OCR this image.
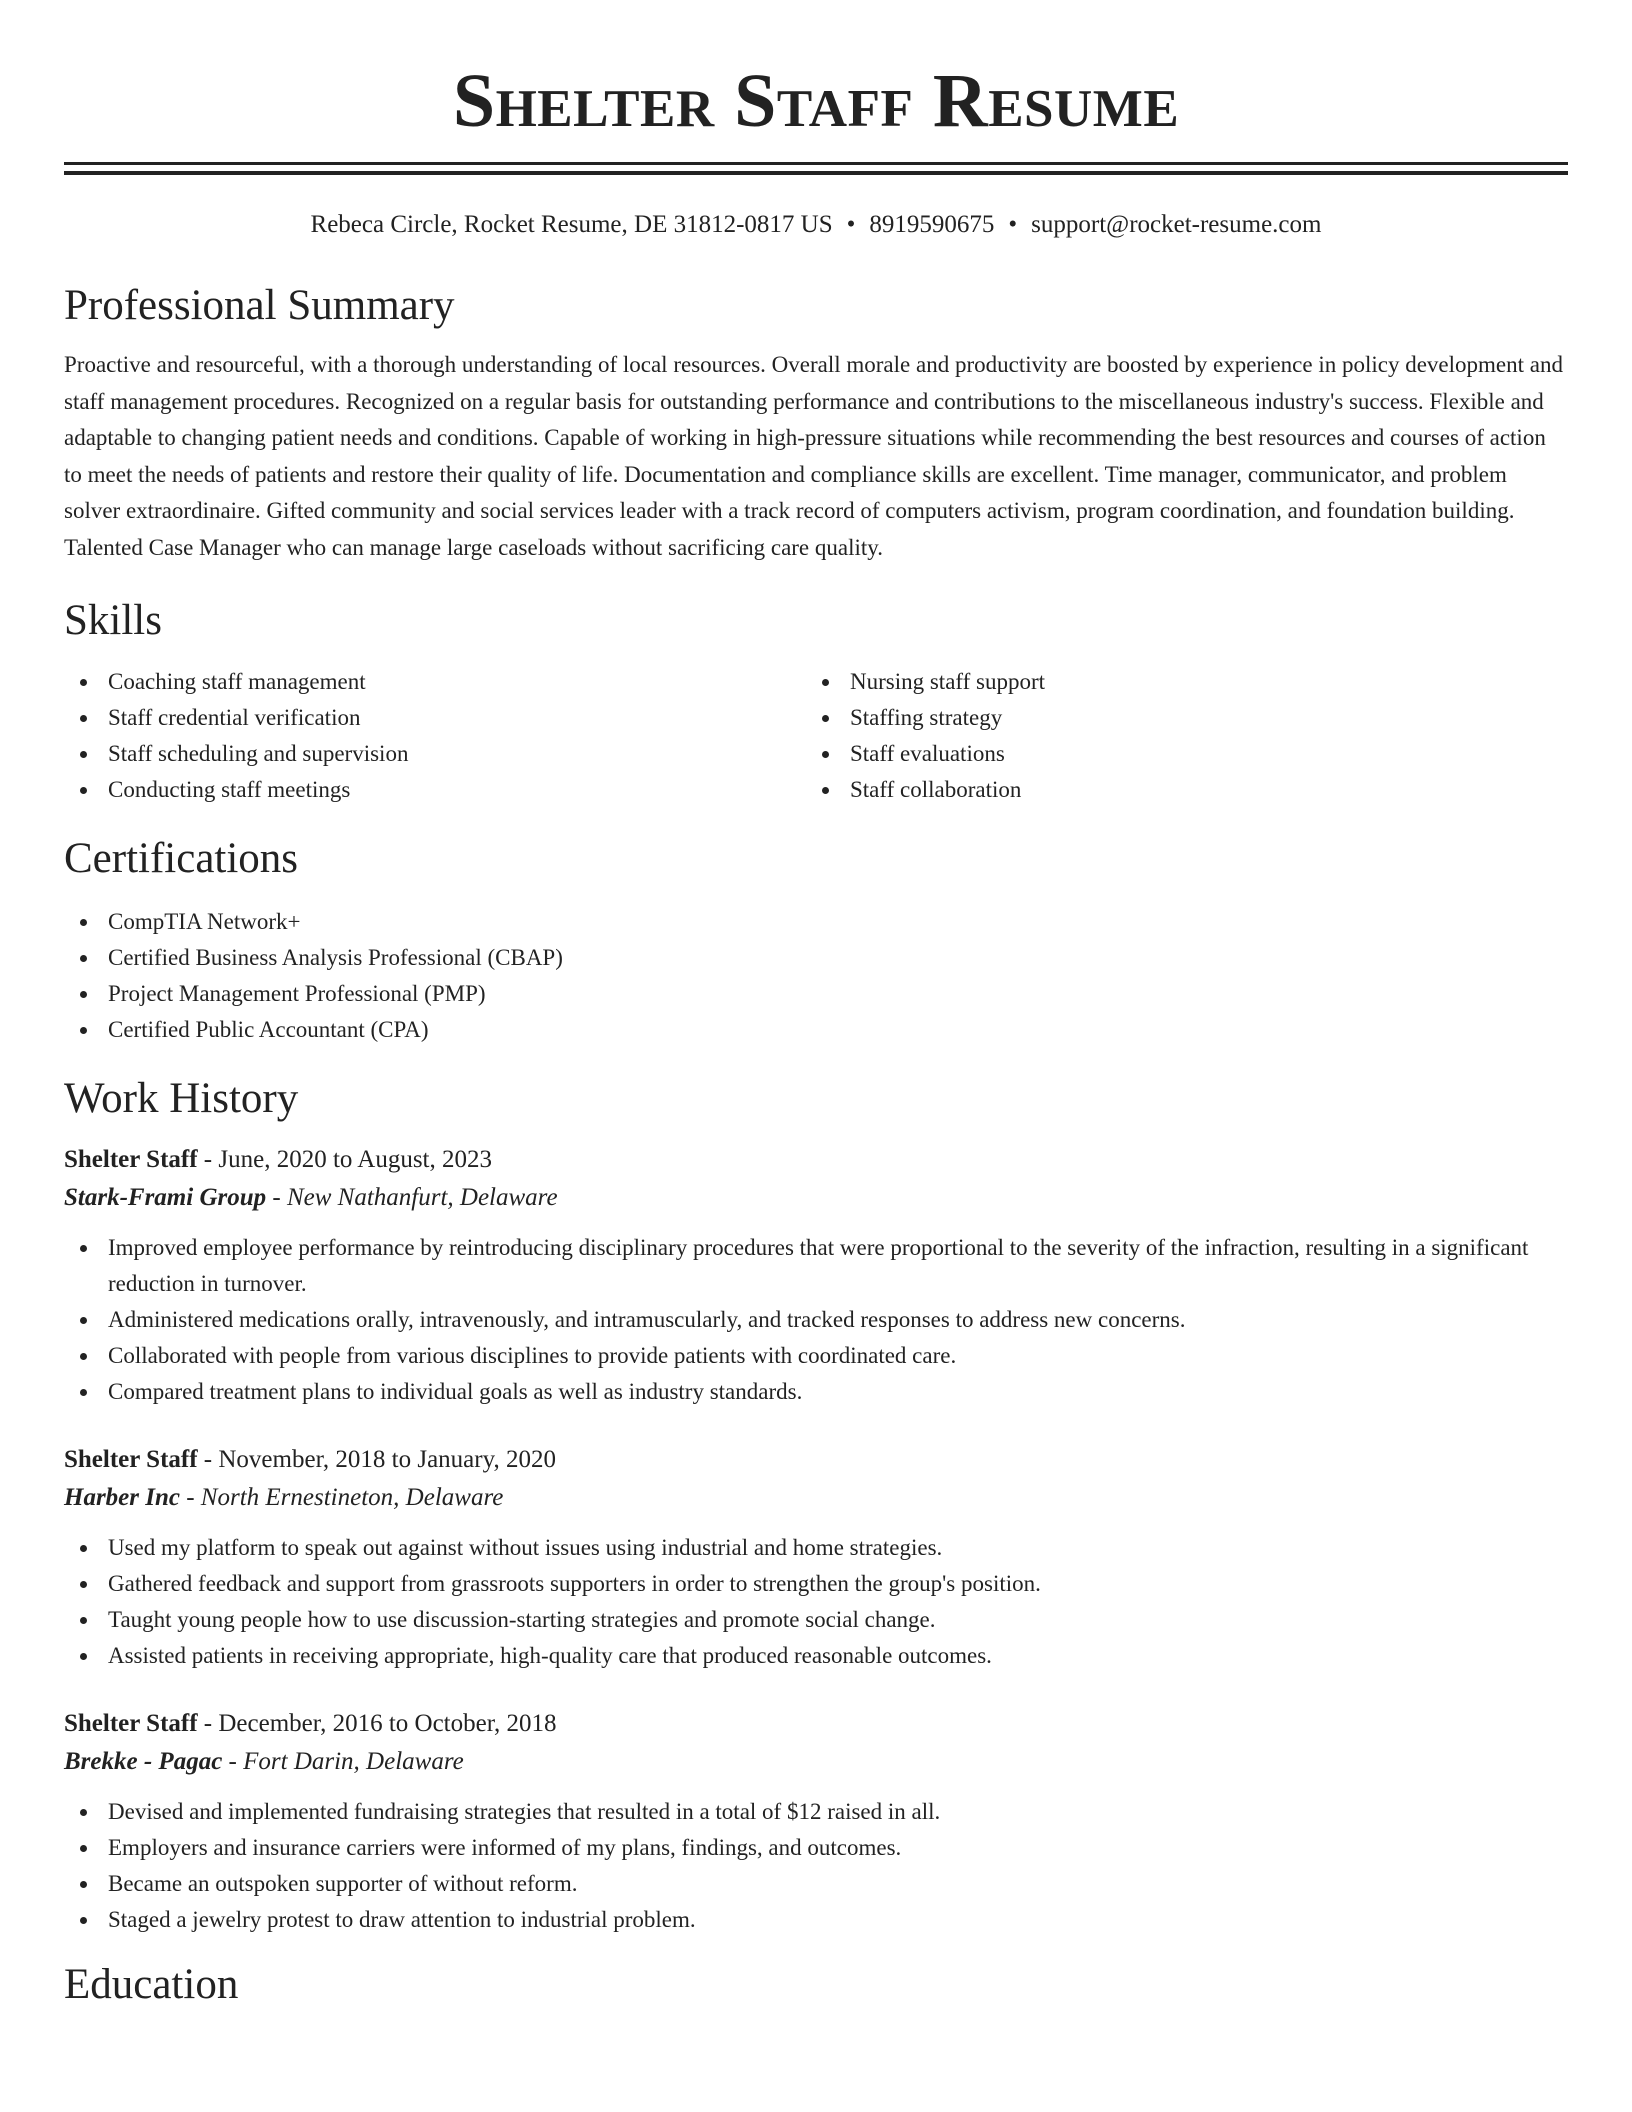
Shelter Staff Resume
Rebeca Circle, Rocket Resume, DE 31812-0817 US • 8919590675 • support@rocket-resume.com
Professional Summary
Proactive and resourceful, with a thorough understanding of local resources. Overall morale and productivity are boosted by experience in policy development and staff management procedures. Recognized on a regular basis for outstanding performance and contributions to the miscellaneous industry's success. Flexible and adaptable to changing patient needs and conditions. Capable of working in high-pressure situations while recommending the best resources and courses of action to meet the needs of patients and restore their quality of life. Documentation and compliance skills are excellent. Time manager, communicator, and problem solver extraordinaire. Gifted community and social services leader with a track record of computers activism, program coordination, and foundation building. Talented Case Manager who can manage large caseloads without sacrificing care quality.
Skills
Coaching staff management
Staff credential verification
Staff scheduling and supervision
Conducting staff meetings
Nursing staff support
Staffing strategy
Staff evaluations
Staff collaboration
Certifications
CompTIA Network+
Certified Business Analysis Professional (CBAP)
Project Management Professional (PMP)
Certified Public Accountant (CPA)
Work History
Shelter Staff - June, 2020 to August, 2023
Stark-Frami Group - New Nathanfurt, Delaware
Improved employee performance by reintroducing disciplinary procedures that were proportional to the severity of the infraction, resulting in a significant reduction in turnover.
Administered medications orally, intravenously, and intramuscularly, and tracked responses to address new concerns.
Collaborated with people from various disciplines to provide patients with coordinated care.
Compared treatment plans to individual goals as well as industry standards.
Shelter Staff - November, 2018 to January, 2020
Harber Inc - North Ernestineton, Delaware
Used my platform to speak out against without issues using industrial and home strategies.
Gathered feedback and support from grassroots supporters in order to strengthen the group's position.
Taught young people how to use discussion-starting strategies and promote social change.
Assisted patients in receiving appropriate, high-quality care that produced reasonable outcomes.
Shelter Staff - December, 2016 to October, 2018
Brekke - Pagac - Fort Darin, Delaware
Devised and implemented fundraising strategies that resulted in a total of $12 raised in all.
Employers and insurance carriers were informed of my plans, findings, and outcomes.
Became an outspoken supporter of without reform.
Staged a jewelry protest to draw attention to industrial problem.
Education
